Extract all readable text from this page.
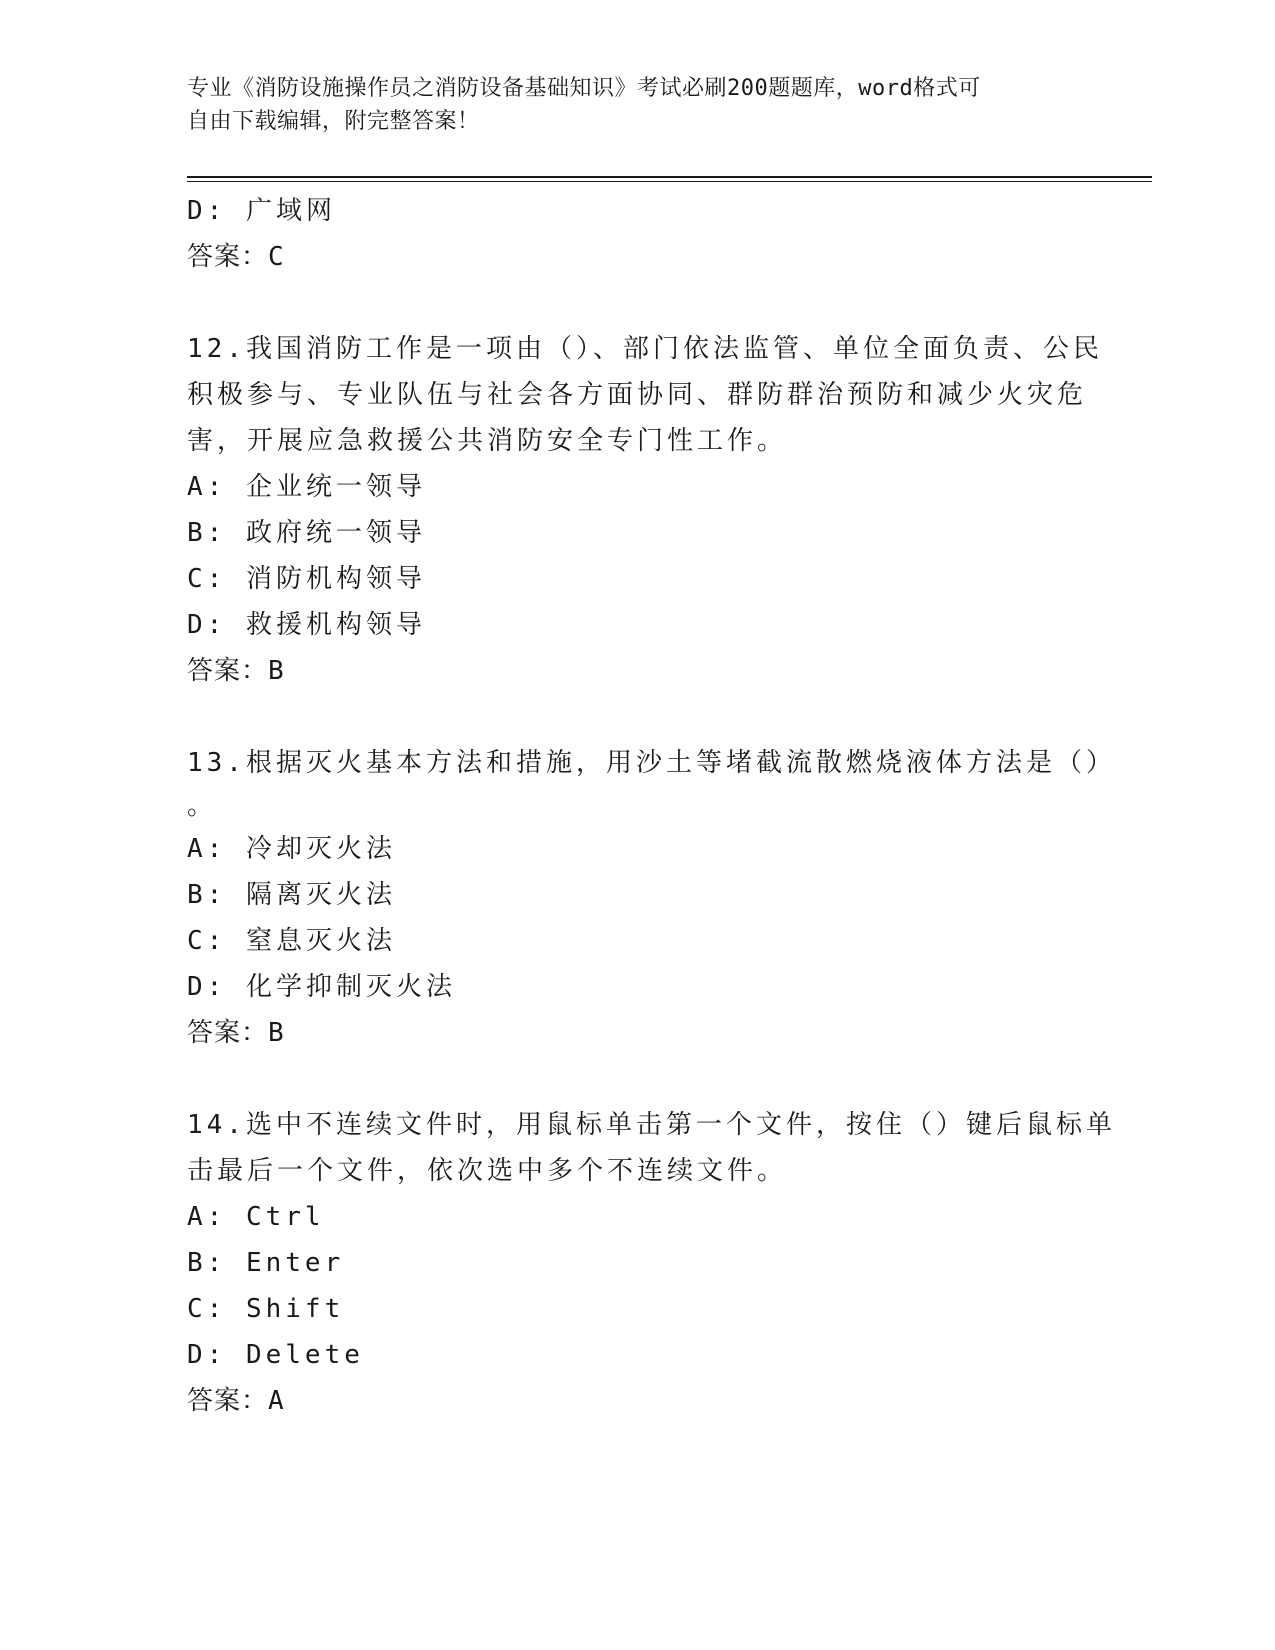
专业《消防设施操作员之消防设备基础知识》考试必刷200题题库，word格式可
自由下载编辑，附完整答案！
D: 广域网
答案：C
12.我国消防工作是一项由（）、部门依法监管、单位全面负责、公民
积极参与、专业队伍与社会各方面协同、群防群治预防和减少火灾危
害，开展应急救援公共消防安全专门性工作。
A: 企业统一领导
B: 政府统一领导
C: 消防机构领导
D: 救援机构领导
答案：B
13.根据灭火基本方法和措施，用沙土等堵截流散燃烧液体方法是（）
。
A: 冷却灭火法
B: 隔离灭火法
C: 窒息灭火法
D: 化学抑制灭火法
答案：B
14.选中不连续文件时，用鼠标单击第一个文件，按住（）键后鼠标单
击最后一个文件，依次选中多个不连续文件。
A: Ctrl
B: Enter
C: Shift
D: Delete
答案：A
